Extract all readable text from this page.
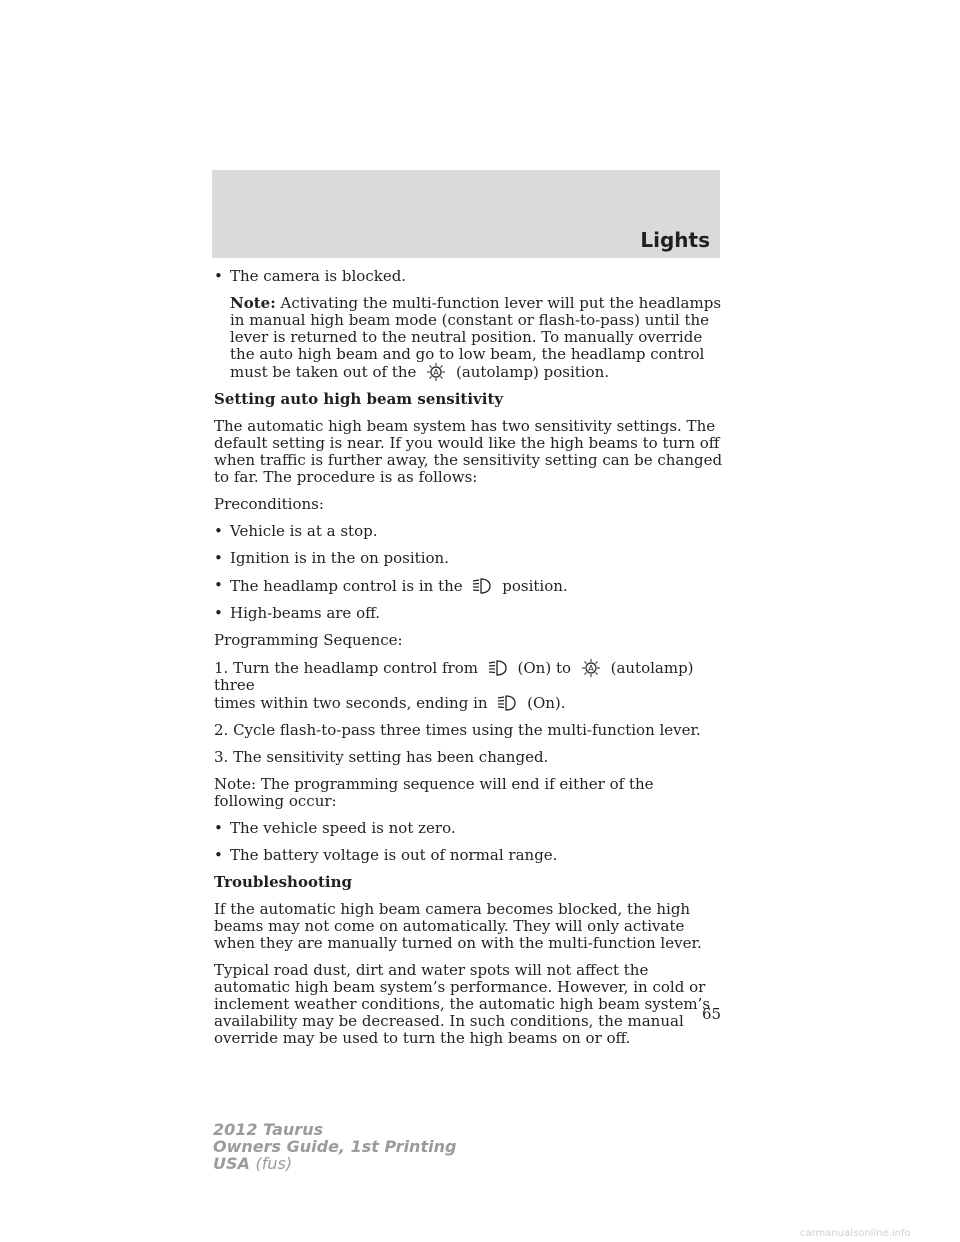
Lights
• The camera is blocked.

Note: Activating the multi-function lever will put the headlamps in manual high beam mode (constant or flash-to-pass) until the lever is returned to the neutral position. To manually override the auto high beam and go to low beam, the headlamp control must be taken out of the A (autolamp) position.

Setting auto high beam sensitivity

The automatic high beam system has two sensitivity settings. The default setting is near. If you would like the high beams to turn off when traffic is further away, the sensitivity setting can be changed to far. The procedure is as follows:

Preconditions:

• Vehicle is at a stop.
• Ignition is in the on position.
• The headlamp control is in the	position.
• High-beams are off.

Programming Sequence:

1. Turn the headlamp control from	(On) to A (autolamp) three
times within two seconds, ending in	(On).

2. Cycle flash-to-pass three times using the multi-function lever.

3. The sensitivity setting has been changed.

Note: The programming sequence will end if either of the following occur:

• The vehicle speed is not zero.
• The battery voltage is out of normal range.

Troubleshooting

If the automatic high beam camera becomes blocked, the high beams may not come on automatically. They will only activate when they are manually turned on with the multi-function lever.

Typical road dust, dirt and water spots will not affect the automatic high beam system’s performance. However, in cold or inclement weather conditions, the automatic high beam system’s availability may be decreased. In such conditions, the manual override may be used to turn the high beams on or off.

65
2012 Taurus
Owners Guide, 1st Printing
USA (fus)
carmanualsonline.info
